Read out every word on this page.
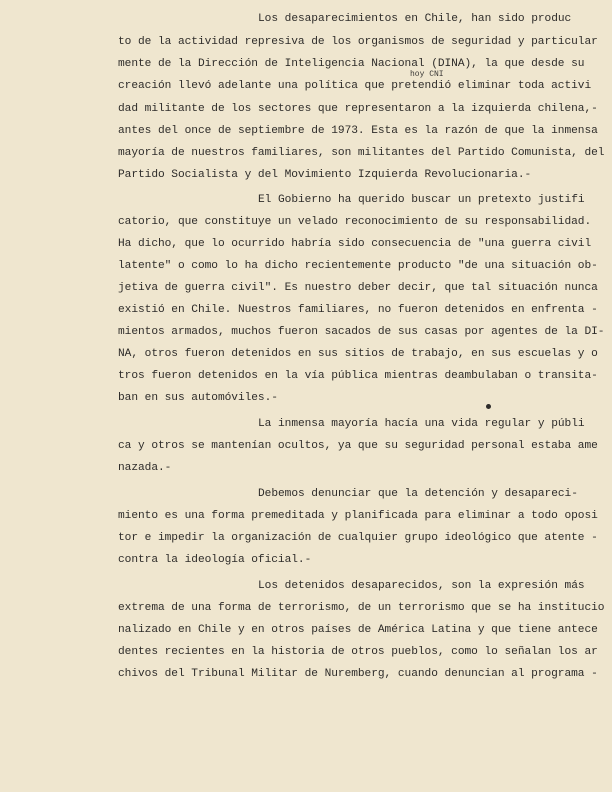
Los desaparecimientos en Chile, han sido produc
to de la actividad represiva de los organismos de seguridad y particular
mente de la Dirección de Inteligencia Nacional (DINA), la que desde su
hoy CNI
creación llevó adelante una política que pretendió eliminar toda activi
dad militante de los sectores que representaron a la izquierda chilena,-
antes del once de septiembre de 1973. Esta es la razón de que la inmensa
mayoría de nuestros familiares, son militantes del Partido Comunista, del
Partido Socialista y del Movimiento Izquierda Revolucionaria.-
El Gobierno ha querido buscar un pretexto justifi
catorio, que constituye un velado reconocimiento de su responsabilidad.
Ha dicho, que lo ocurrido habría sido consecuencia de "una guerra civil
latente" o como lo ha dicho recientemente producto "de una situación ob-
jetiva de guerra civil". Es nuestro deber decir, que tal situación nunca
existió en Chile. Nuestros familiares, no fueron detenidos en enfrenta -
mientos armados, muchos fueron sacados de sus casas por agentes de la DI-
NA, otros fueron detenidos en sus sitios de trabajo, en sus escuelas y o
tros fueron detenidos en la vía pública mientras deambulaban o transita-
ban en sus automóviles.-
La inmensa mayoría hacía una vida regular y públi
ca y otros se mantenían ocultos, ya que su seguridad personal estaba ame
nazada.-
Debemos denunciar que la detención y desapareci-
miento es una forma premeditada y planificada para eliminar a todo oposi
tor e impedir la organización de cualquier grupo ideológico que atente -
contra la ideología oficial.-
Los detenidos desaparecidos, son la expresión más
extrema de una forma de terrorismo, de un terrorismo que se ha institucio
nalizado en Chile y en otros países de América Latina y que tiene antece
dentes recientes en la historia de otros pueblos, como lo señalan los ar
chivos del Tribunal Militar de Nuremberg, cuando denuncian al programa -
